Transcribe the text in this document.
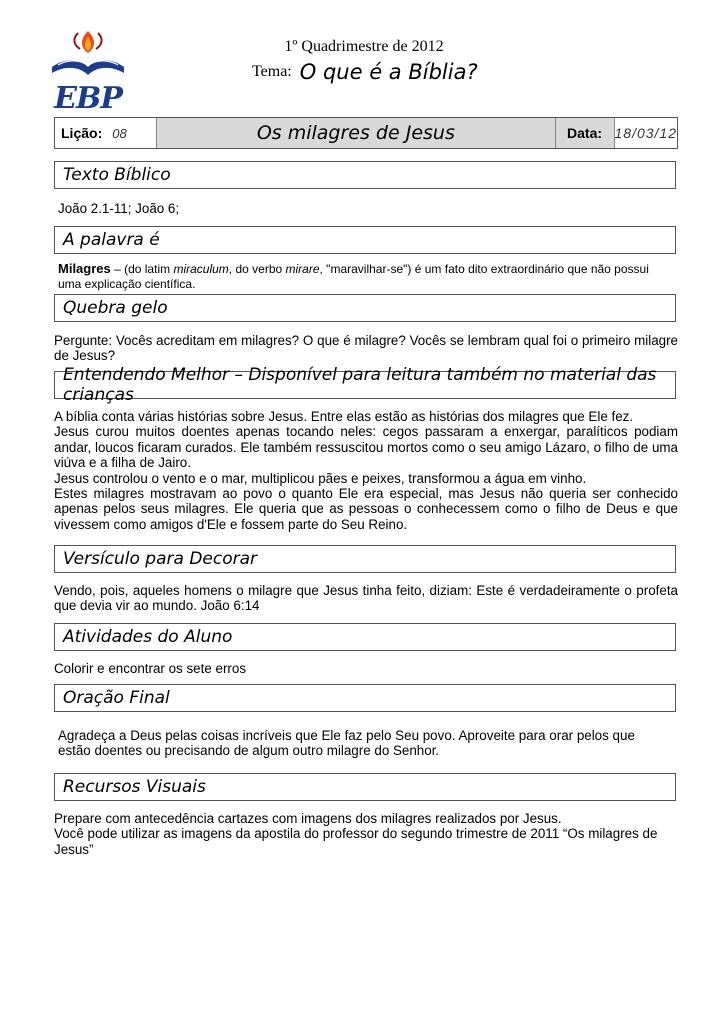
EBP
1º Quadrimestre de 2012
Tema: O que é a Bíblia?
Lição: 08	Os milagres de Jesus	Data: 18/03/12
Texto Bíblico
João 2.1-11; João 6;
A palavra é
Milagres – (do latim miraculum, do verbo mirare, "maravilhar-se") é um fato dito extraordinário que não possui uma explicação científica.
Quebra gelo
Pergunte: Vocês acreditam em milagres? O que é milagre? Vocês se lembram qual foi o primeiro milagre de Jesus?
Entendendo Melhor – Disponível para leitura também no material das crianças

A bíblia conta várias histórias sobre Jesus. Entre elas estão as histórias dos milagres que Ele fez.

Jesus curou muitos doentes apenas tocando neles: cegos passaram a enxergar, paralíticos podiam andar, loucos ficaram curados. Ele também ressuscitou mortos como o seu amigo Lázaro, o filho de uma viúva e a filha de Jairo.

Jesus controlou o vento e o mar, multiplicou pães e peixes, transformou a água em vinho.

Estes milagres mostravam ao povo o quanto Ele era especial, mas Jesus não queria ser conhecido apenas pelos seus milagres. Ele queria que as pessoas o conhecessem como o filho de Deus e que vivessem como amigos d'Ele e fossem parte do Seu Reino.

Versículo para Decorar
Vendo, pois, aqueles homens o milagre que Jesus tinha feito, diziam: Este é verdadeiramente o profeta que devia vir ao mundo. João 6:14
Atividades do Aluno
Colorir e encontrar os sete erros
Oração Final
Agradeça a Deus pelas coisas incríveis que Ele faz pelo Seu povo. Aproveite para orar pelos que estão doentes ou precisando de algum outro milagre do Senhor.
Recursos Visuais

Prepare com antecedência cartazes com imagens dos milagres realizados por Jesus.

Você pode utilizar as imagens da apostila do professor do segundo trimestre de 2011 “Os milagres de Jesus”
